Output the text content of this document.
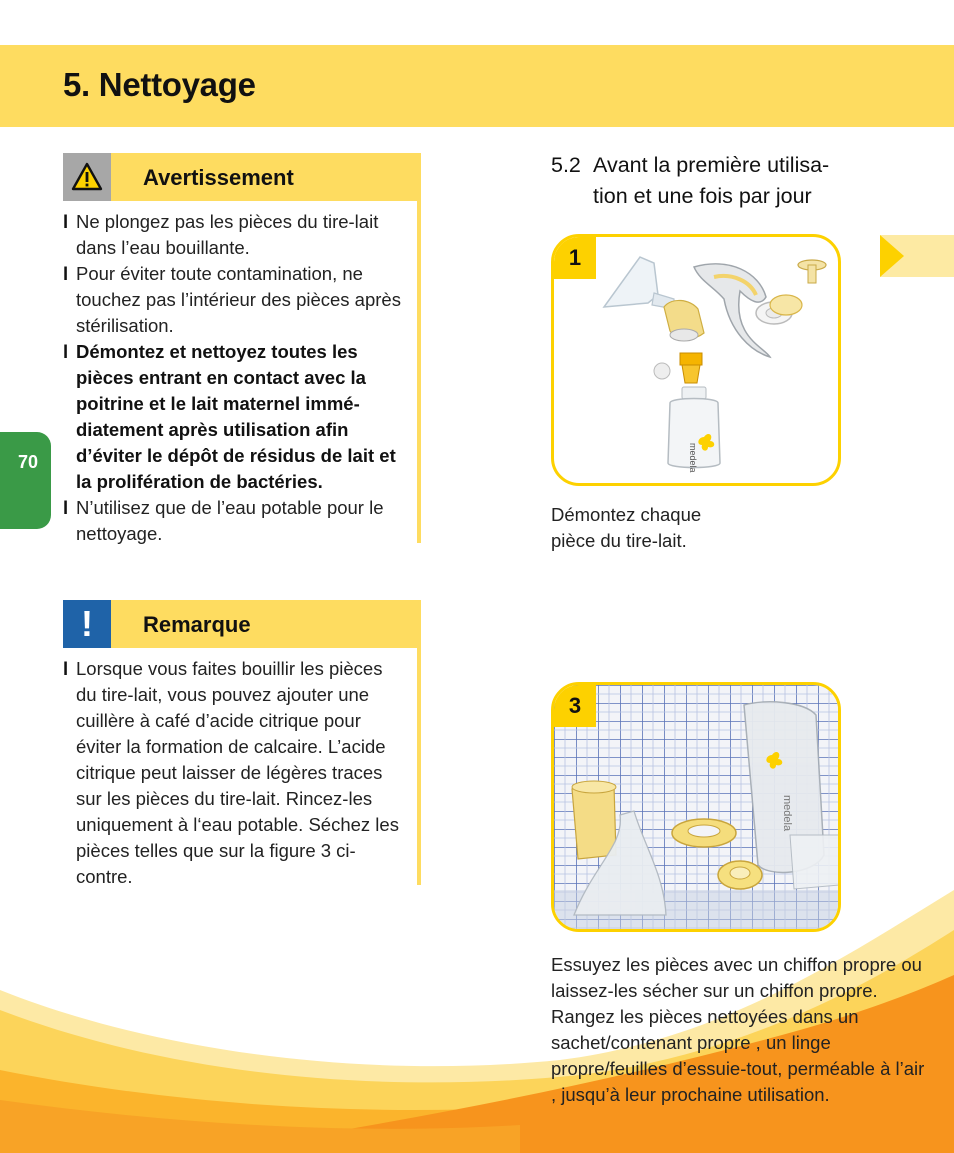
5. Nettoyage
Avertissement
l Ne plongez pas les pièces du tire-lait dans l’eau bouillante.
l Pour éviter toute contamination, ne touchez pas l’intérieur des pièces après stérilisation.
l Démontez et nettoyez toutes les pièces entrant en contact avec la poitrine et le lait maternel immé-diatement après utilisation afin d’éviter le dépôt de résidus de lait et la prolifération de bactéries.
l N’utilisez que de l’eau potable pour le nettoyage.
!	Remarque
l Lorsque vous faites bouillir les pièces du tire-lait, vous pouvez ajouter une cuillère à café d’acide citrique pour éviter la formation de calcaire. L’acide citrique peut laisser de légères traces sur les pièces du tire-lait. Rincez-les uniquement à l‘eau potable. Séchez les pièces telles que sur la figure 3 ci-contre.
70
5.2 Avant la première utilisa-
tion et une fois par jour
1
medela
Démontez chaque pièce du tire-lait.
medela
3
Essuyez les pièces avec un chiffon propre ou laissez-les sécher sur un chiffon propre. Rangez les pièces nettoyées dans un sachet/contenant propre , un linge propre/feuilles d’essuie-tout, perméable à l’air , jusqu’à leur prochaine utilisation.
